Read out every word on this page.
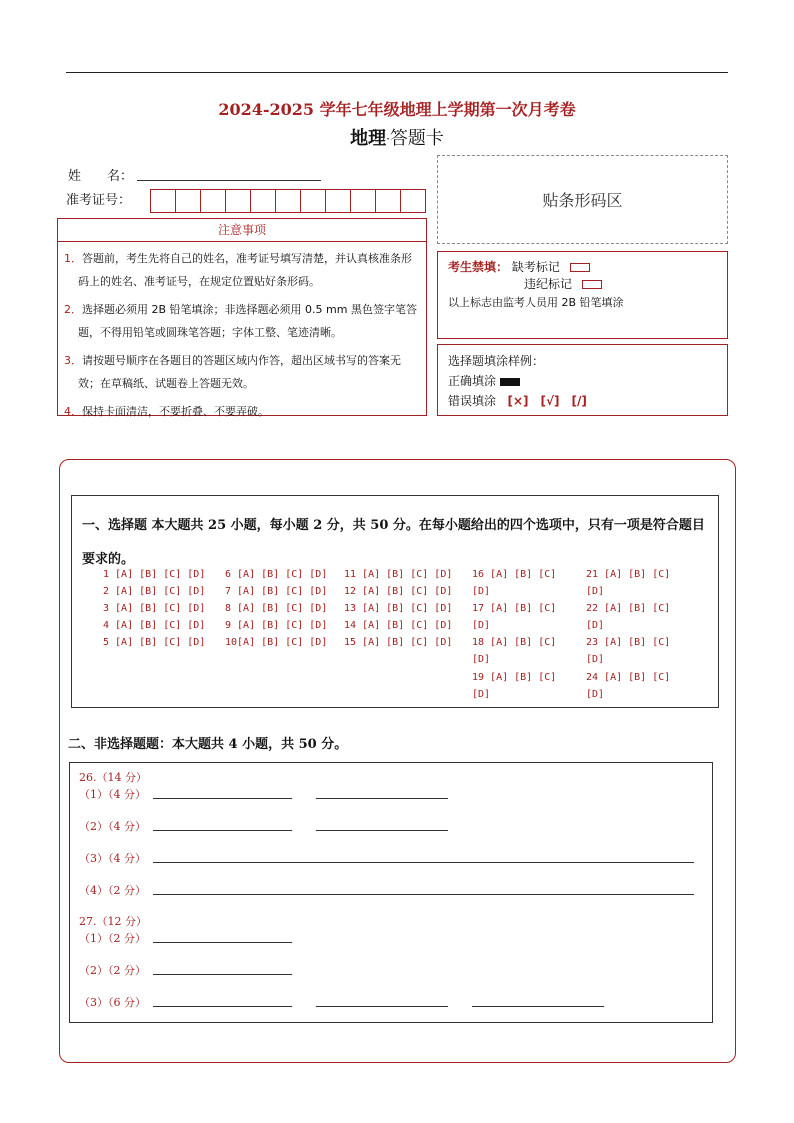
2024-2025 学年七年级地理上学期第一次月考卷
地理·答题卡
姓　　名：
准考证号：	贴条形码区
注意事项

1．答题前，考生先将自己的姓名，准考证号填写清楚，并认真核准条形码上的姓名、准考证号，在规定位置贴好条形码。

2．选择题必须用 2B 铅笔填涂；非选择题必须用 0.5 mm 黑色签字笔答题，不得用铅笔或圆珠笔答题；字体工整、笔迹清晰。

3．请按题号顺序在各题目的答题区域内作答，超出区域书写的答案无效；在草稿纸、试题卷上答题无效。

4．保持卡面清洁，不要折叠、不要弄破。

考生禁填： 缺考标记
违纪标记
以上标志由监考人员用 2B 铅笔填涂
选择题填涂样例：
正确填涂
错误填涂 [×]　[√]　[/]
一、选择题 本大题共 25 小题，每小题 2 分，共 50 分。在每小题给出的四个选项中，只有一项是符合题目要求的。
1 [A] [B] [C] [D]
2 [A] [B] [C] [D]
3 [A] [B] [C] [D]
4 [A] [B] [C] [D]
5 [A] [B] [C] [D]
6 [A] [B] [C] [D]
7 [A] [B] [C] [D]
8 [A] [B] [C] [D]
9 [A] [B] [C] [D]
10[A] [B] [C] [D]
11 [A] [B] [C] [D]
12 [A] [B] [C] [D]
13 [A] [B] [C] [D]
14 [A] [B] [C] [D]
15 [A] [B] [C] [D]
16 [A] [B] [C]
[D]
17 [A] [B] [C]
[D]
18 [A] [B] [C]
[D]
19 [A] [B] [C]
[D]
21 [A] [B] [C]
[D]
22 [A] [B] [C]
[D]
23 [A] [B] [C]
[D]
24 [A] [B] [C]
[D]
二、非选择题题：本大题共 4 小题，共 50 分。
26.（14 分）
（1）（4 分）
（2）（4 分）
（3）（4 分）
（4）（2 分）
27.（12 分）
（1）（2 分）
（2）（2 分）
（3）（6 分）
